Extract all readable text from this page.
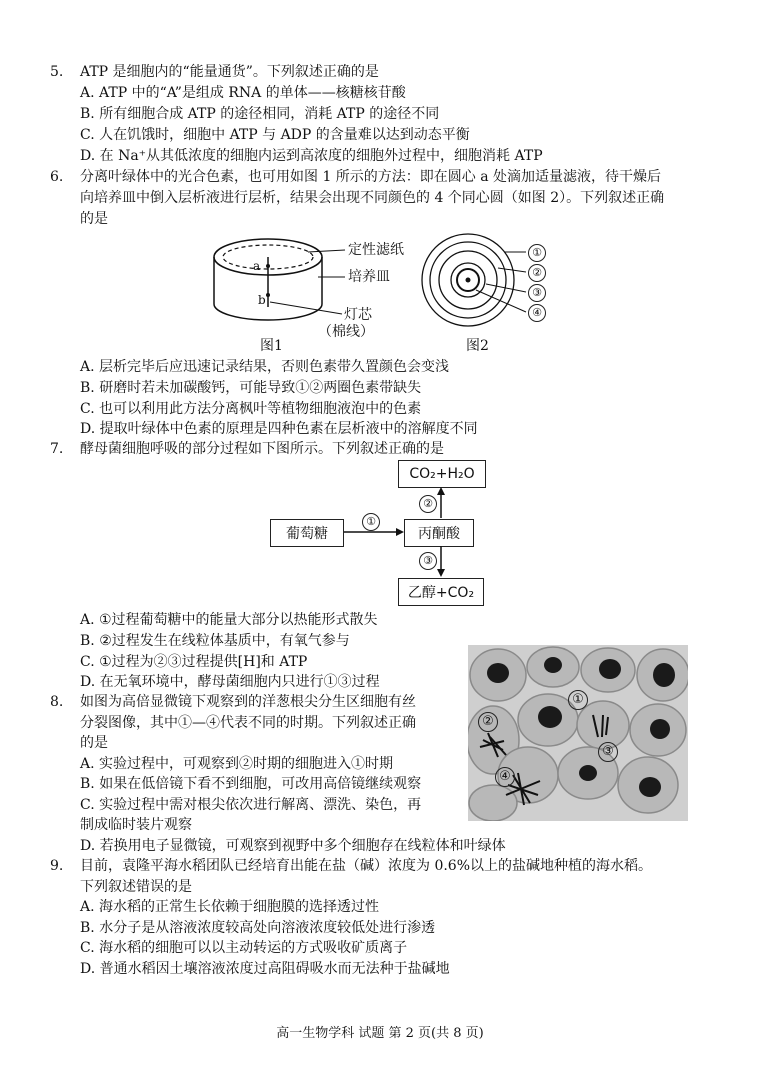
5. ATP 是细胞内的“能量通货”。下列叙述正确的是
A. ATP 中的“A”是组成 RNA 的单体——核糖核苷酸
B. 所有细胞合成 ATP 的途径相同，消耗 ATP 的途径不同
C. 人在饥饿时，细胞中 ATP 与 ADP 的含量难以达到动态平衡
D. 在 Na⁺从其低浓度的细胞内运到高浓度的细胞外过程中，细胞消耗 ATP
6. 分离叶绿体中的光合色素，也可用如图 1 所示的方法：即在圆心 a 处滴加适量滤液，待干燥后
向培养皿中倒入层析液进行层析，结果会出现不同颜色的 4 个同心圆（如图 2）。下列叙述正确
的是
a
b
定性滤纸
培养皿
灯芯
（棉线）
图1
①
②
③
④
图2
A. 层析完毕后应迅速记录结果，否则色素带久置颜色会变浅
B. 研磨时若未加碳酸钙，可能导致①②两圈色素带缺失
C. 也可以利用此方法分离枫叶等植物细胞液泡中的色素
D. 提取叶绿体中色素的原理是四种色素在层析液中的溶解度不同
7. 酵母菌细胞呼吸的部分过程如下图所示。下列叙述正确的是
CO₂+H₂O
葡萄糖	丙酮酸
乙醇+CO₂
①
②
③
A. ①过程葡萄糖中的能量大部分以热能形式散失
B. ②过程发生在线粒体基质中，有氧气参与
C. ①过程为②③过程提供[H]和 ATP
D. 在无氧环境中，酵母菌细胞内只进行①③过程
①
②
③
④
8. 如图为高倍显微镜下观察到的洋葱根尖分生区细胞有丝
分裂图像，其中①—④代表不同的时期。下列叙述正确
的是
A. 实验过程中，可观察到②时期的细胞进入①时期
B. 如果在低倍镜下看不到细胞，可改用高倍镜继续观察
C. 实验过程中需对根尖依次进行解离、漂洗、染色，再
制成临时装片观察
D. 若换用电子显微镜，可观察到视野中多个细胞存在线粒体和叶绿体
9. 目前，袁隆平海水稻团队已经培育出能在盐（碱）浓度为 0.6%以上的盐碱地种植的海水稻。
下列叙述错误的是
A. 海水稻的正常生长依赖于细胞膜的选择透过性
B. 水分子是从溶液浓度较高处向溶液浓度较低处进行渗透
C. 海水稻的细胞可以以主动转运的方式吸收矿质离子
D. 普通水稻因土壤溶液浓度过高阻碍吸水而无法种于盐碱地
高一生物学科 试题 第 2 页(共 8 页)
